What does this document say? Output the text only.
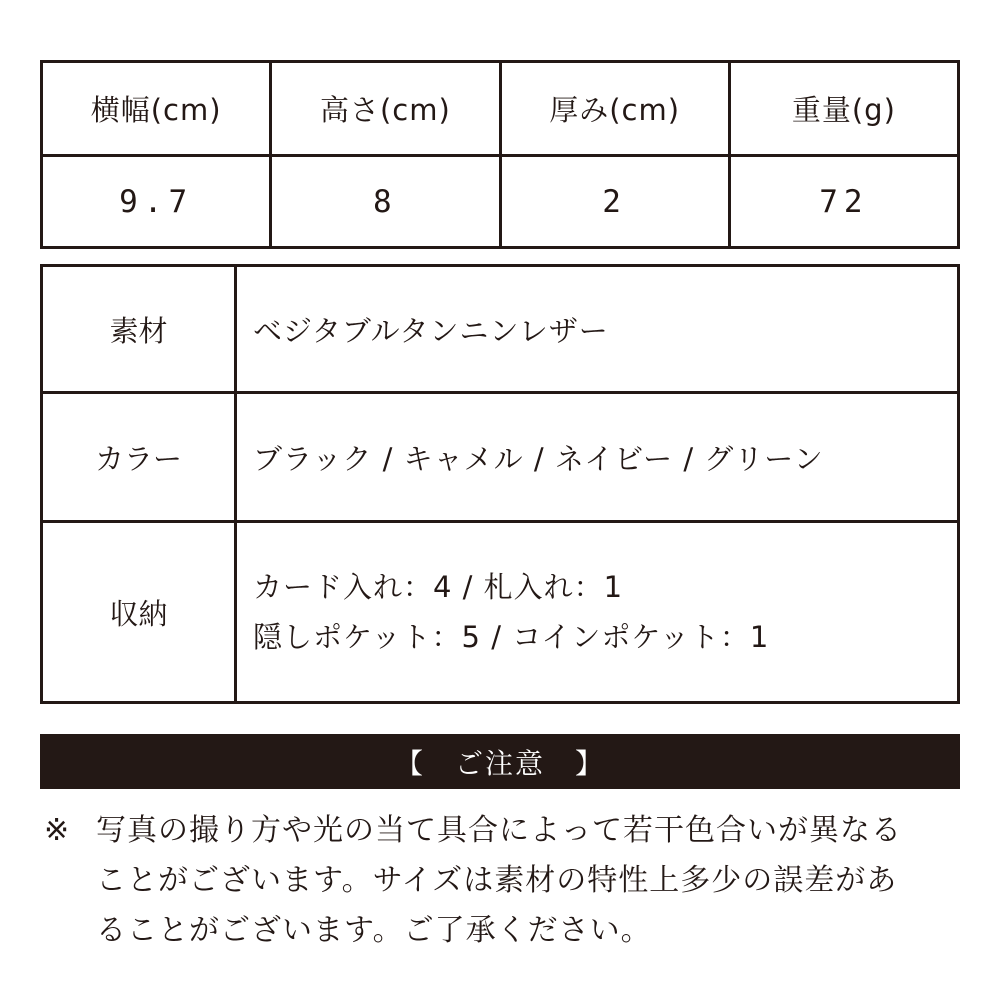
横幅(cm)	高さ(cm)	厚み(cm)	重量(g)
9.7	8	2	72
素材	ベジタブルタンニンレザー
カラー	ブラック / キャメル / ネイビー / グリーン
収納	カード入れ：4 / 札入れ：1
隠しポケット：5 / コインポケット：1
【　ご注意　】
※ 写真の撮り方や光の当て具合によって若干色合いが異なる
ことがございます。サイズは素材の特性上多少の誤差があ
ることがございます。ご了承ください。
